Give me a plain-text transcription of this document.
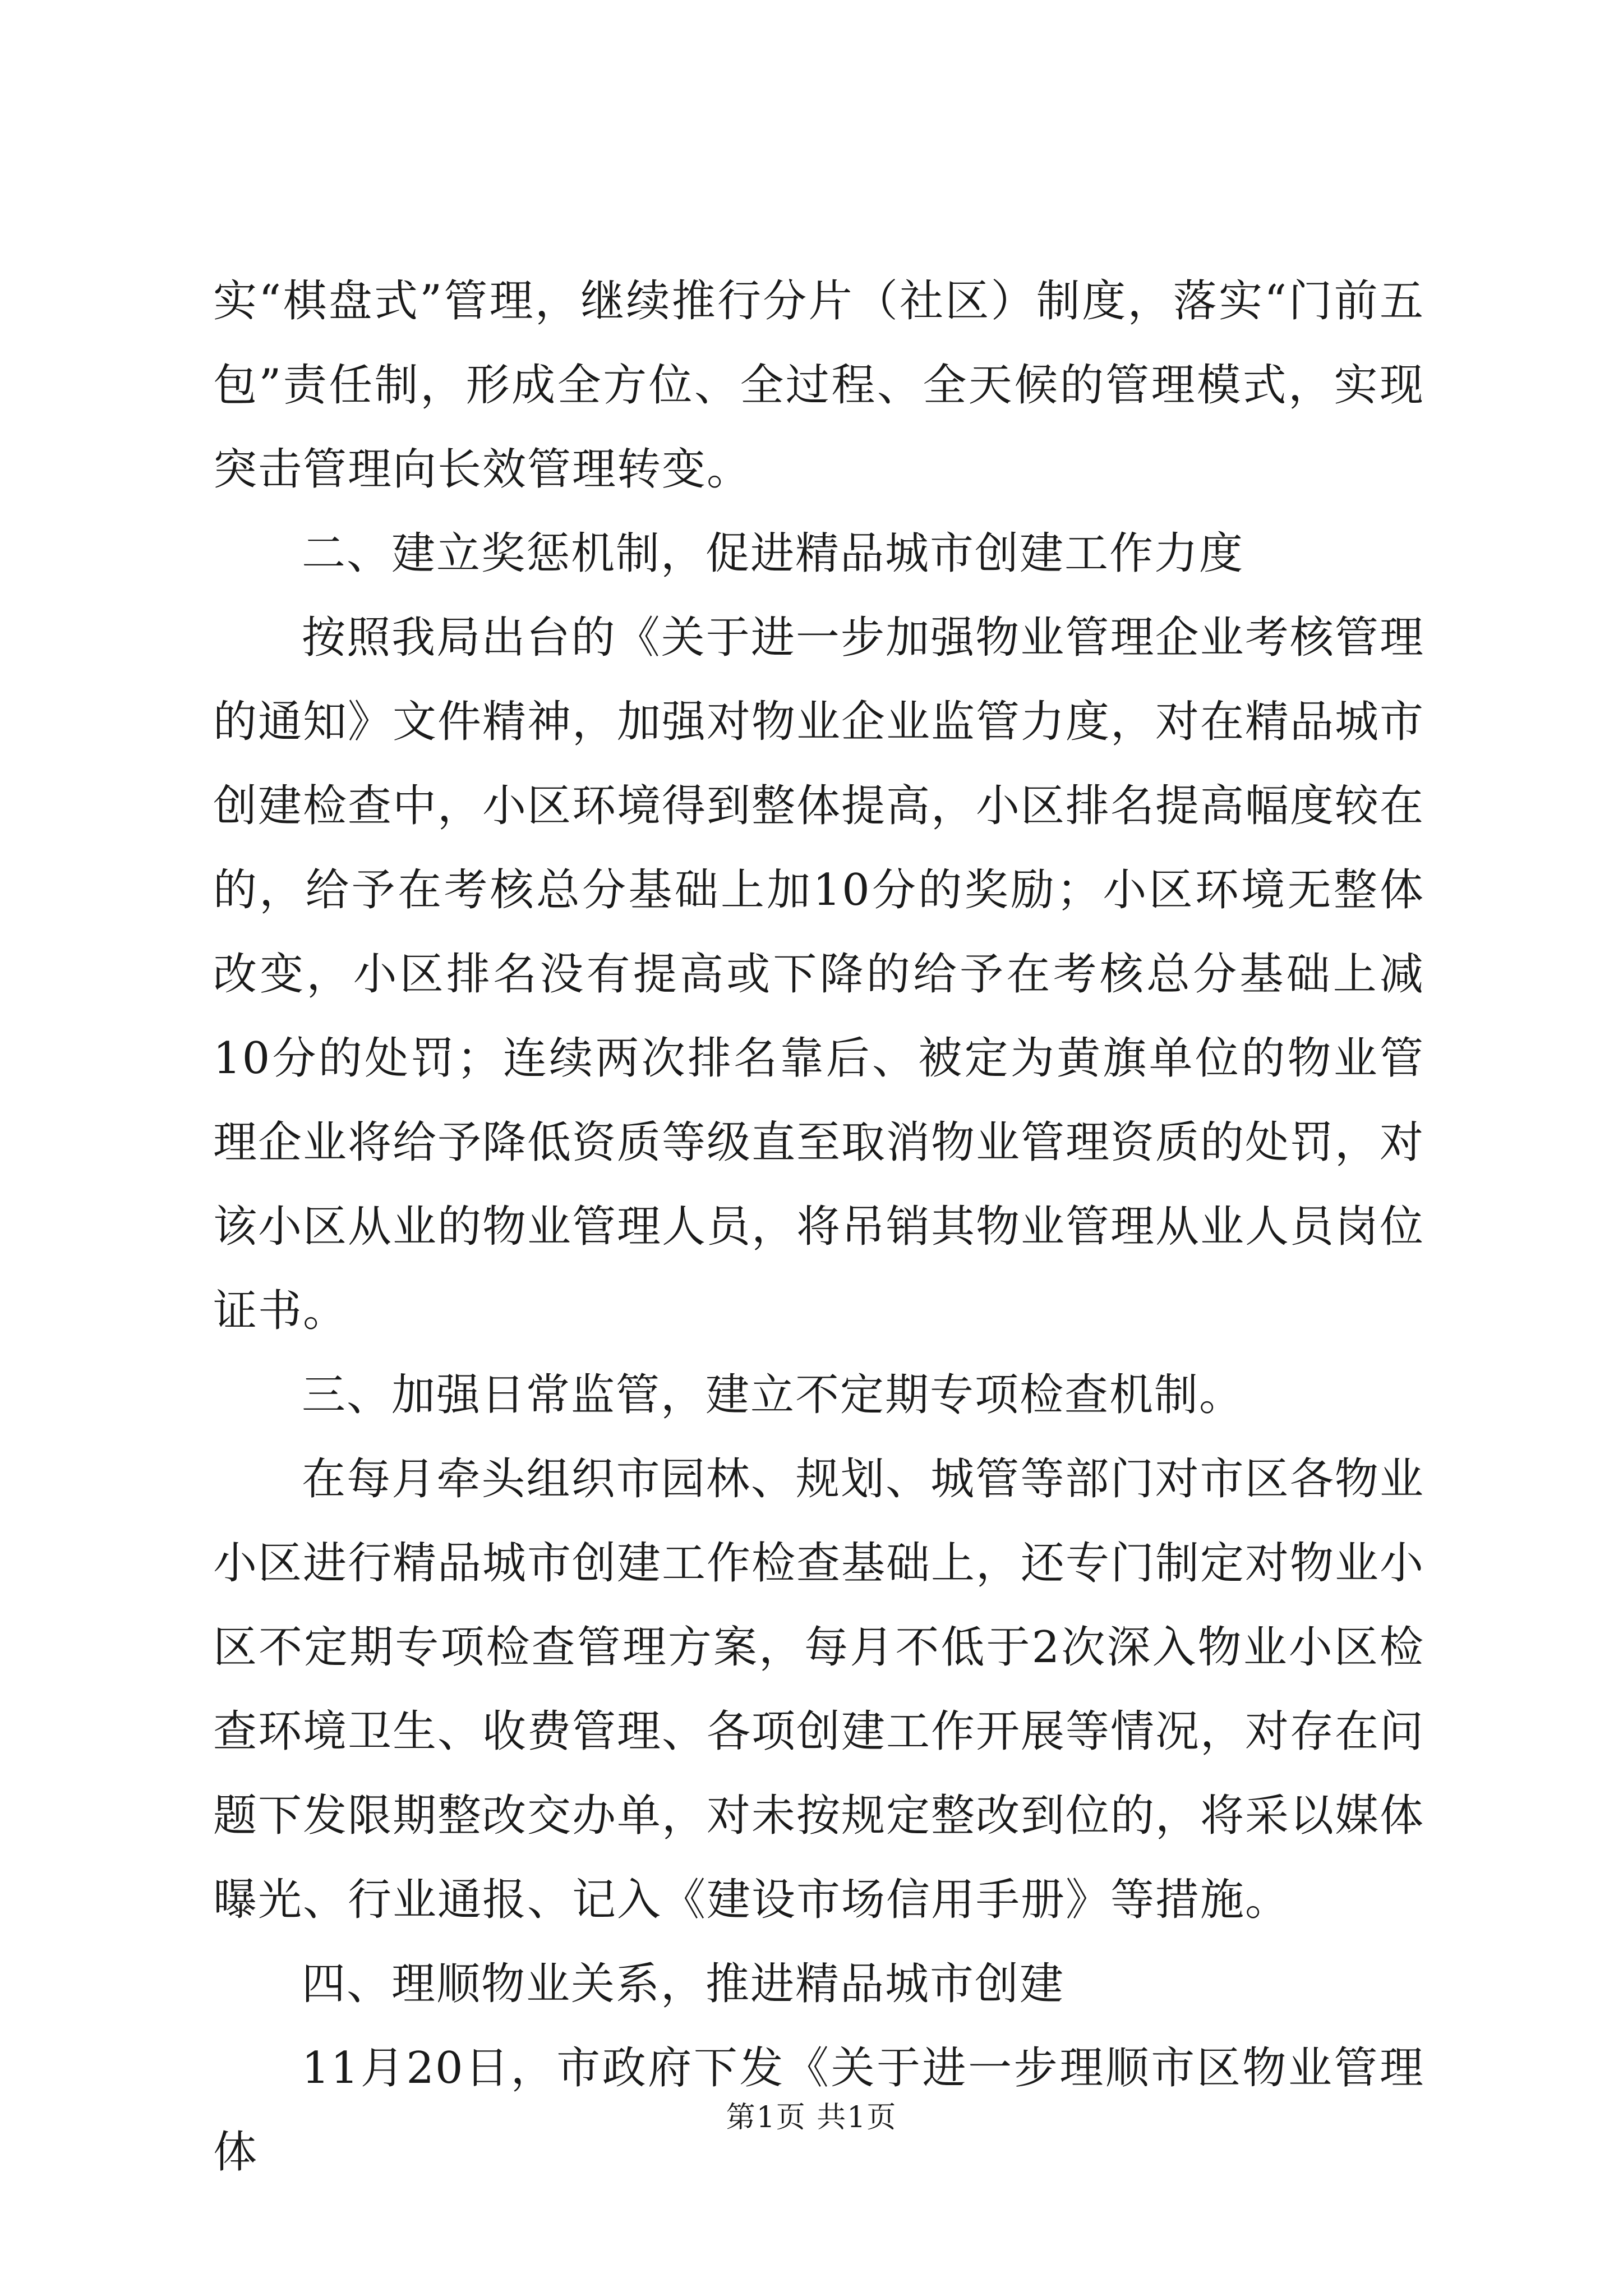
实“棋盘式”管理，继续推行分片（社区）制度，落实“门前五包”责任制，形成全方位、全过程、全天候的管理模式，实现突击管理向长效管理转变。

二、建立奖惩机制，促进精品城市创建工作力度

按照我局出台的《关于进一步加强物业管理企业考核管理的通知》文件精神，加强对物业企业监管力度，对在精品城市创建检查中，小区环境得到整体提高，小区排名提高幅度较在的，给予在考核总分基础上加10分的奖励；小区环境无整体改变，小区排名没有提高或下降的给予在考核总分基础上减10分的处罚；连续两次排名靠后、被定为黄旗单位的物业管理企业将给予降低资质等级直至取消物业管理资质的处罚，对该小区从业的物业管理人员，将吊销其物业管理从业人员岗位证书。

三、加强日常监管，建立不定期专项检查机制。

在每月牵头组织市园林、规划、城管等部门对市区各物业小区进行精品城市创建工作检查基础上，还专门制定对物业小区不定期专项检查管理方案，每月不低于2次深入物业小区检查环境卫生、收费管理、各项创建工作开展等情况，对存在问题下发限期整改交办单，对未按规定整改到位的，将采以媒体曝光、行业通报、记入《建设市场信用手册》等措施。

四、理顺物业关系，推进精品城市创建

11月20日，市政府下发《关于进一步理顺市区物业管理体

第1页 共1页
